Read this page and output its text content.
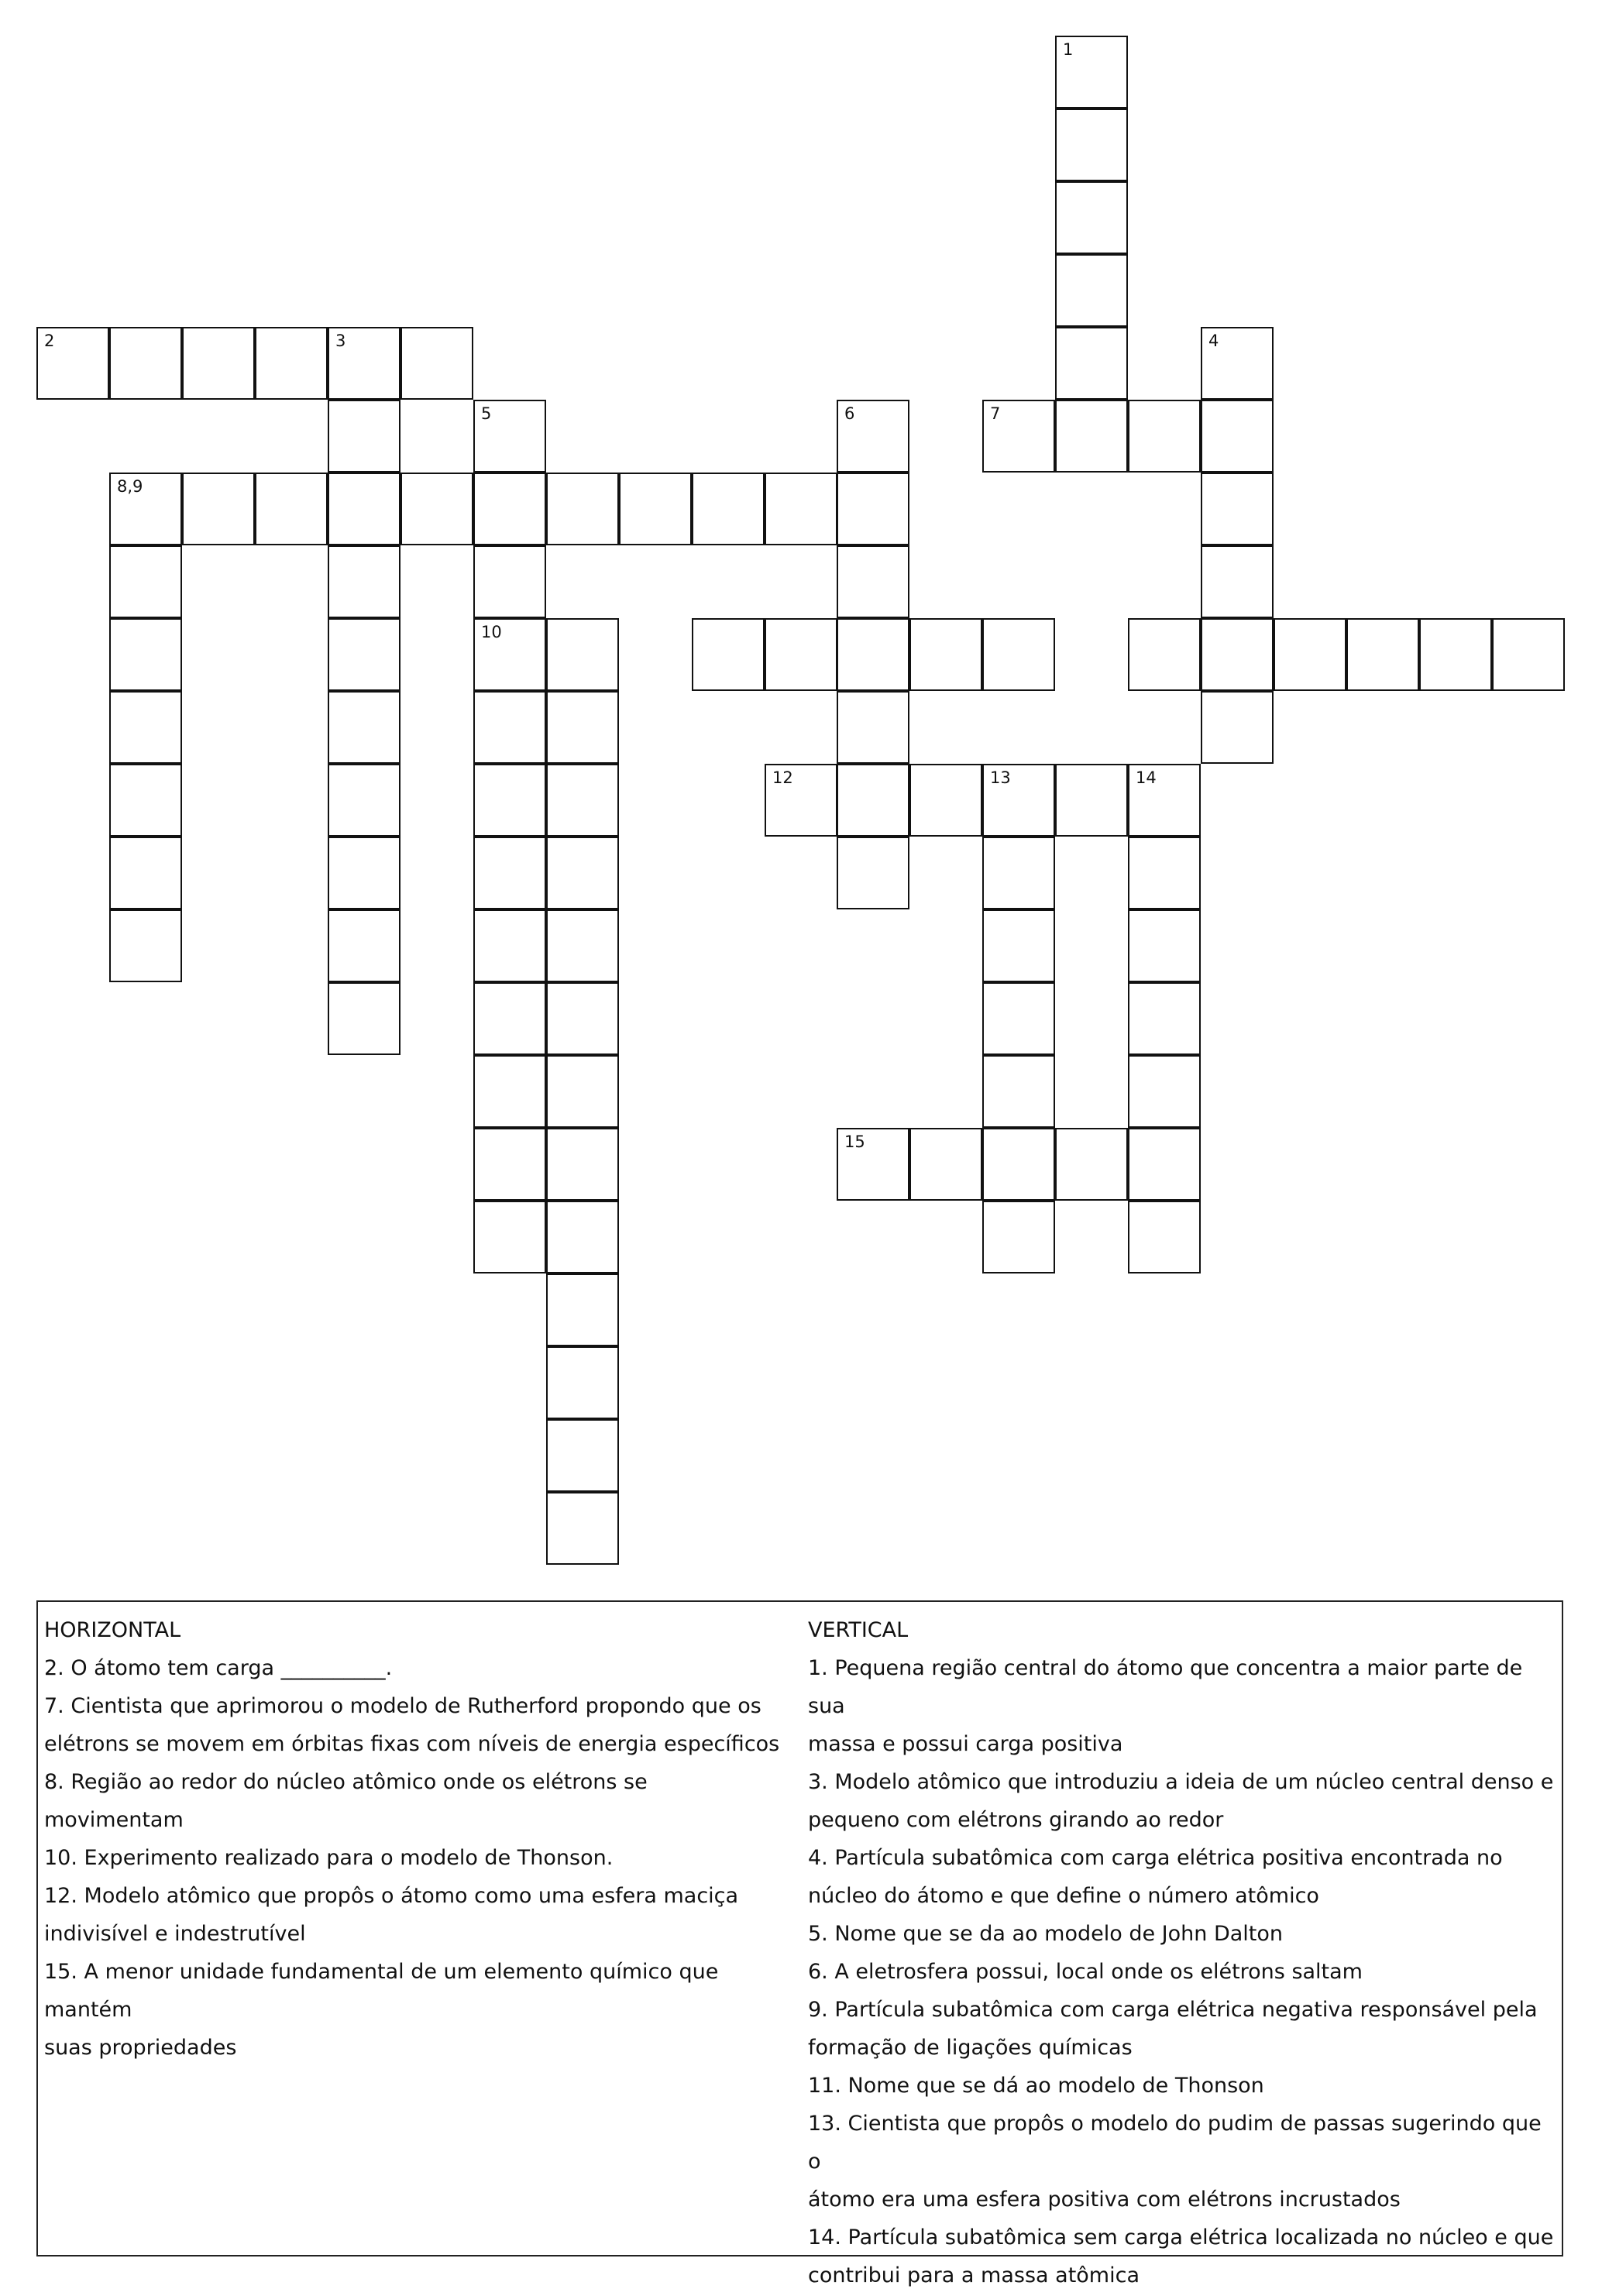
1
4
2	3
5
10
6	7
8,9
12	13	14
15
HORIZONTAL

2. O átomo tem carga __________.

7. Cientista que aprimorou o modelo de Rutherford propondo que os

elétrons se movem em órbitas fixas com níveis de energia específicos

8. Região ao redor do núcleo atômico onde os elétrons se movimentam

10. Experimento realizado para o modelo de Thonson.

12. Modelo atômico que propôs o átomo como uma esfera maciça

indivisível e indestrutível

15. A menor unidade fundamental de um elemento químico que mantém

suas propriedades

VERTICAL

1. Pequena região central do átomo que concentra a maior parte de sua

massa e possui carga positiva

3. Modelo atômico que introduziu a ideia de um núcleo central denso e

pequeno com elétrons girando ao redor

4. Partícula subatômica com carga elétrica positiva encontrada no

núcleo do átomo e que define o número atômico

5. Nome que se da ao modelo de John Dalton

6. A eletrosfera possui, local onde os elétrons saltam

9. Partícula subatômica com carga elétrica negativa responsável pela

formação de ligações químicas

11. Nome que se dá ao modelo de Thonson

13. Cientista que propôs o modelo do pudim de passas sugerindo que o

átomo era uma esfera positiva com elétrons incrustados

14. Partícula subatômica sem carga elétrica localizada no núcleo e que

contribui para a massa atômica
